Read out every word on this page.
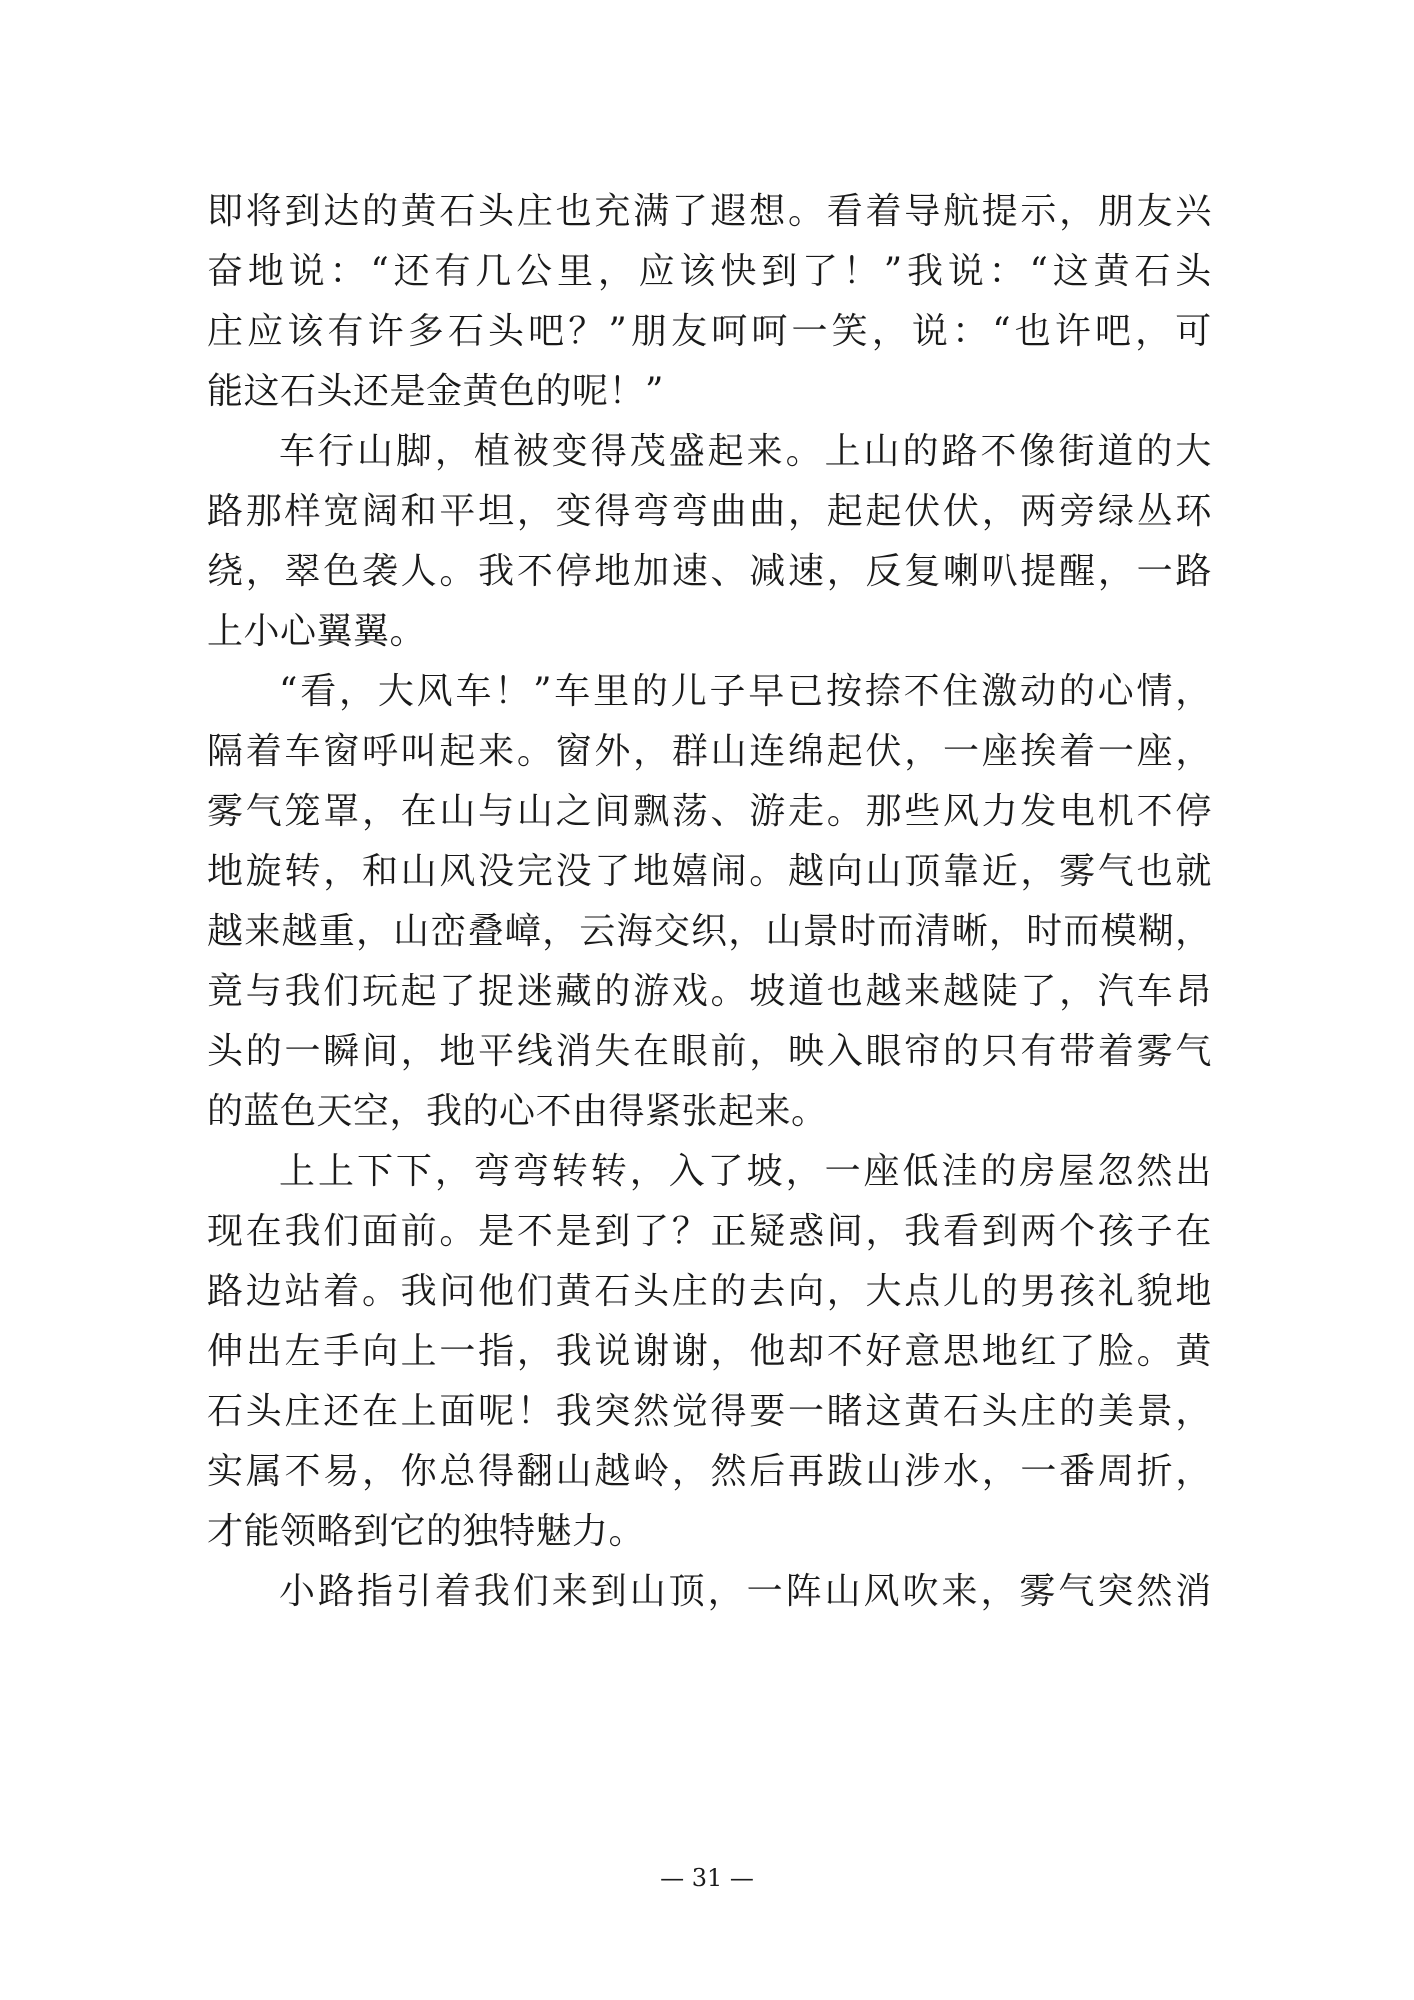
即 将 到 达 的 黄 石 头 庄 也 充 满 了 遐 想 。 看 着 导 航 提 示 ， 朋 友 兴
奋 地 说 ： “ 还 有 几 公 里 ， 应 该 快 到 了 ！ ” 我 说 ： “ 这 黄 石 头
庄 应 该 有 许 多 石 头 吧 ？ ” 朋 友 呵 呵 一 笑 ， 说 ： “ 也 许 吧 ， 可
能这石头还是金黄色的呢！”
车 行 山 脚 ， 植 被 变 得 茂 盛 起 来 。 上 山 的 路 不 像 街 道 的 大
路 那 样 宽 阔 和 平 坦 ， 变 得 弯 弯 曲 曲 ， 起 起 伏 伏 ， 两 旁 绿 丛 环
绕 ， 翠 色 袭 人 。 我 不 停 地 加 速 、 减 速 ， 反 复 喇 叭 提 醒 ， 一 路
上小心翼翼。
“ 看 ， 大 风 车 ！ ” 车 里 的 儿 子 早 已 按 捺 不 住 激 动 的 心 情 ，
隔 着 车 窗 呼 叫 起 来 。 窗 外 ， 群 山 连 绵 起 伏 ， 一 座 挨 着 一 座 ，
雾 气 笼 罩 ， 在 山 与 山 之 间 飘 荡 、 游 走 。 那 些 风 力 发 电 机 不 停
地 旋 转 ， 和 山 风 没 完 没 了 地 嬉 闹 。 越 向 山 顶 靠 近 ， 雾 气 也 就
越 来 越 重 ， 山 峦 叠 嶂 ， 云 海 交 织 ， 山 景 时 而 清 晰 ， 时 而 模 糊 ，
竟 与 我 们 玩 起 了 捉 迷 藏 的 游 戏 。 坡 道 也 越 来 越 陡 了 ， 汽 车 昂
头 的 一 瞬 间 ， 地 平 线 消 失 在 眼 前 ， 映 入 眼 帘 的 只 有 带 着 雾 气
的蓝色天空，我的心不由得紧张起来。
上 上 下 下 ， 弯 弯 转 转 ， 入 了 坡 ， 一 座 低 洼 的 房 屋 忽 然 出
现 在 我 们 面 前 。 是 不 是 到 了 ？ 正 疑 惑 间 ， 我 看 到 两 个 孩 子 在
路 边 站 着 。 我 问 他 们 黄 石 头 庄 的 去 向 ， 大 点 儿 的 男 孩 礼 貌 地
伸 出 左 手 向 上 一 指 ， 我 说 谢 谢 ， 他 却 不 好 意 思 地 红 了 脸 。 黄
石 头 庄 还 在 上 面 呢 ！ 我 突 然 觉 得 要 一 睹 这 黄 石 头 庄 的 美 景 ，
实 属 不 易 ， 你 总 得 翻 山 越 岭 ， 然 后 再 跋 山 涉 水 ， 一 番 周 折 ，
才能领略到它的独特魅力。
小 路 指 引 着 我 们 来 到 山 顶 ， 一 阵 山 风 吹 来 ， 雾 气 突 然 消
— 31 —
